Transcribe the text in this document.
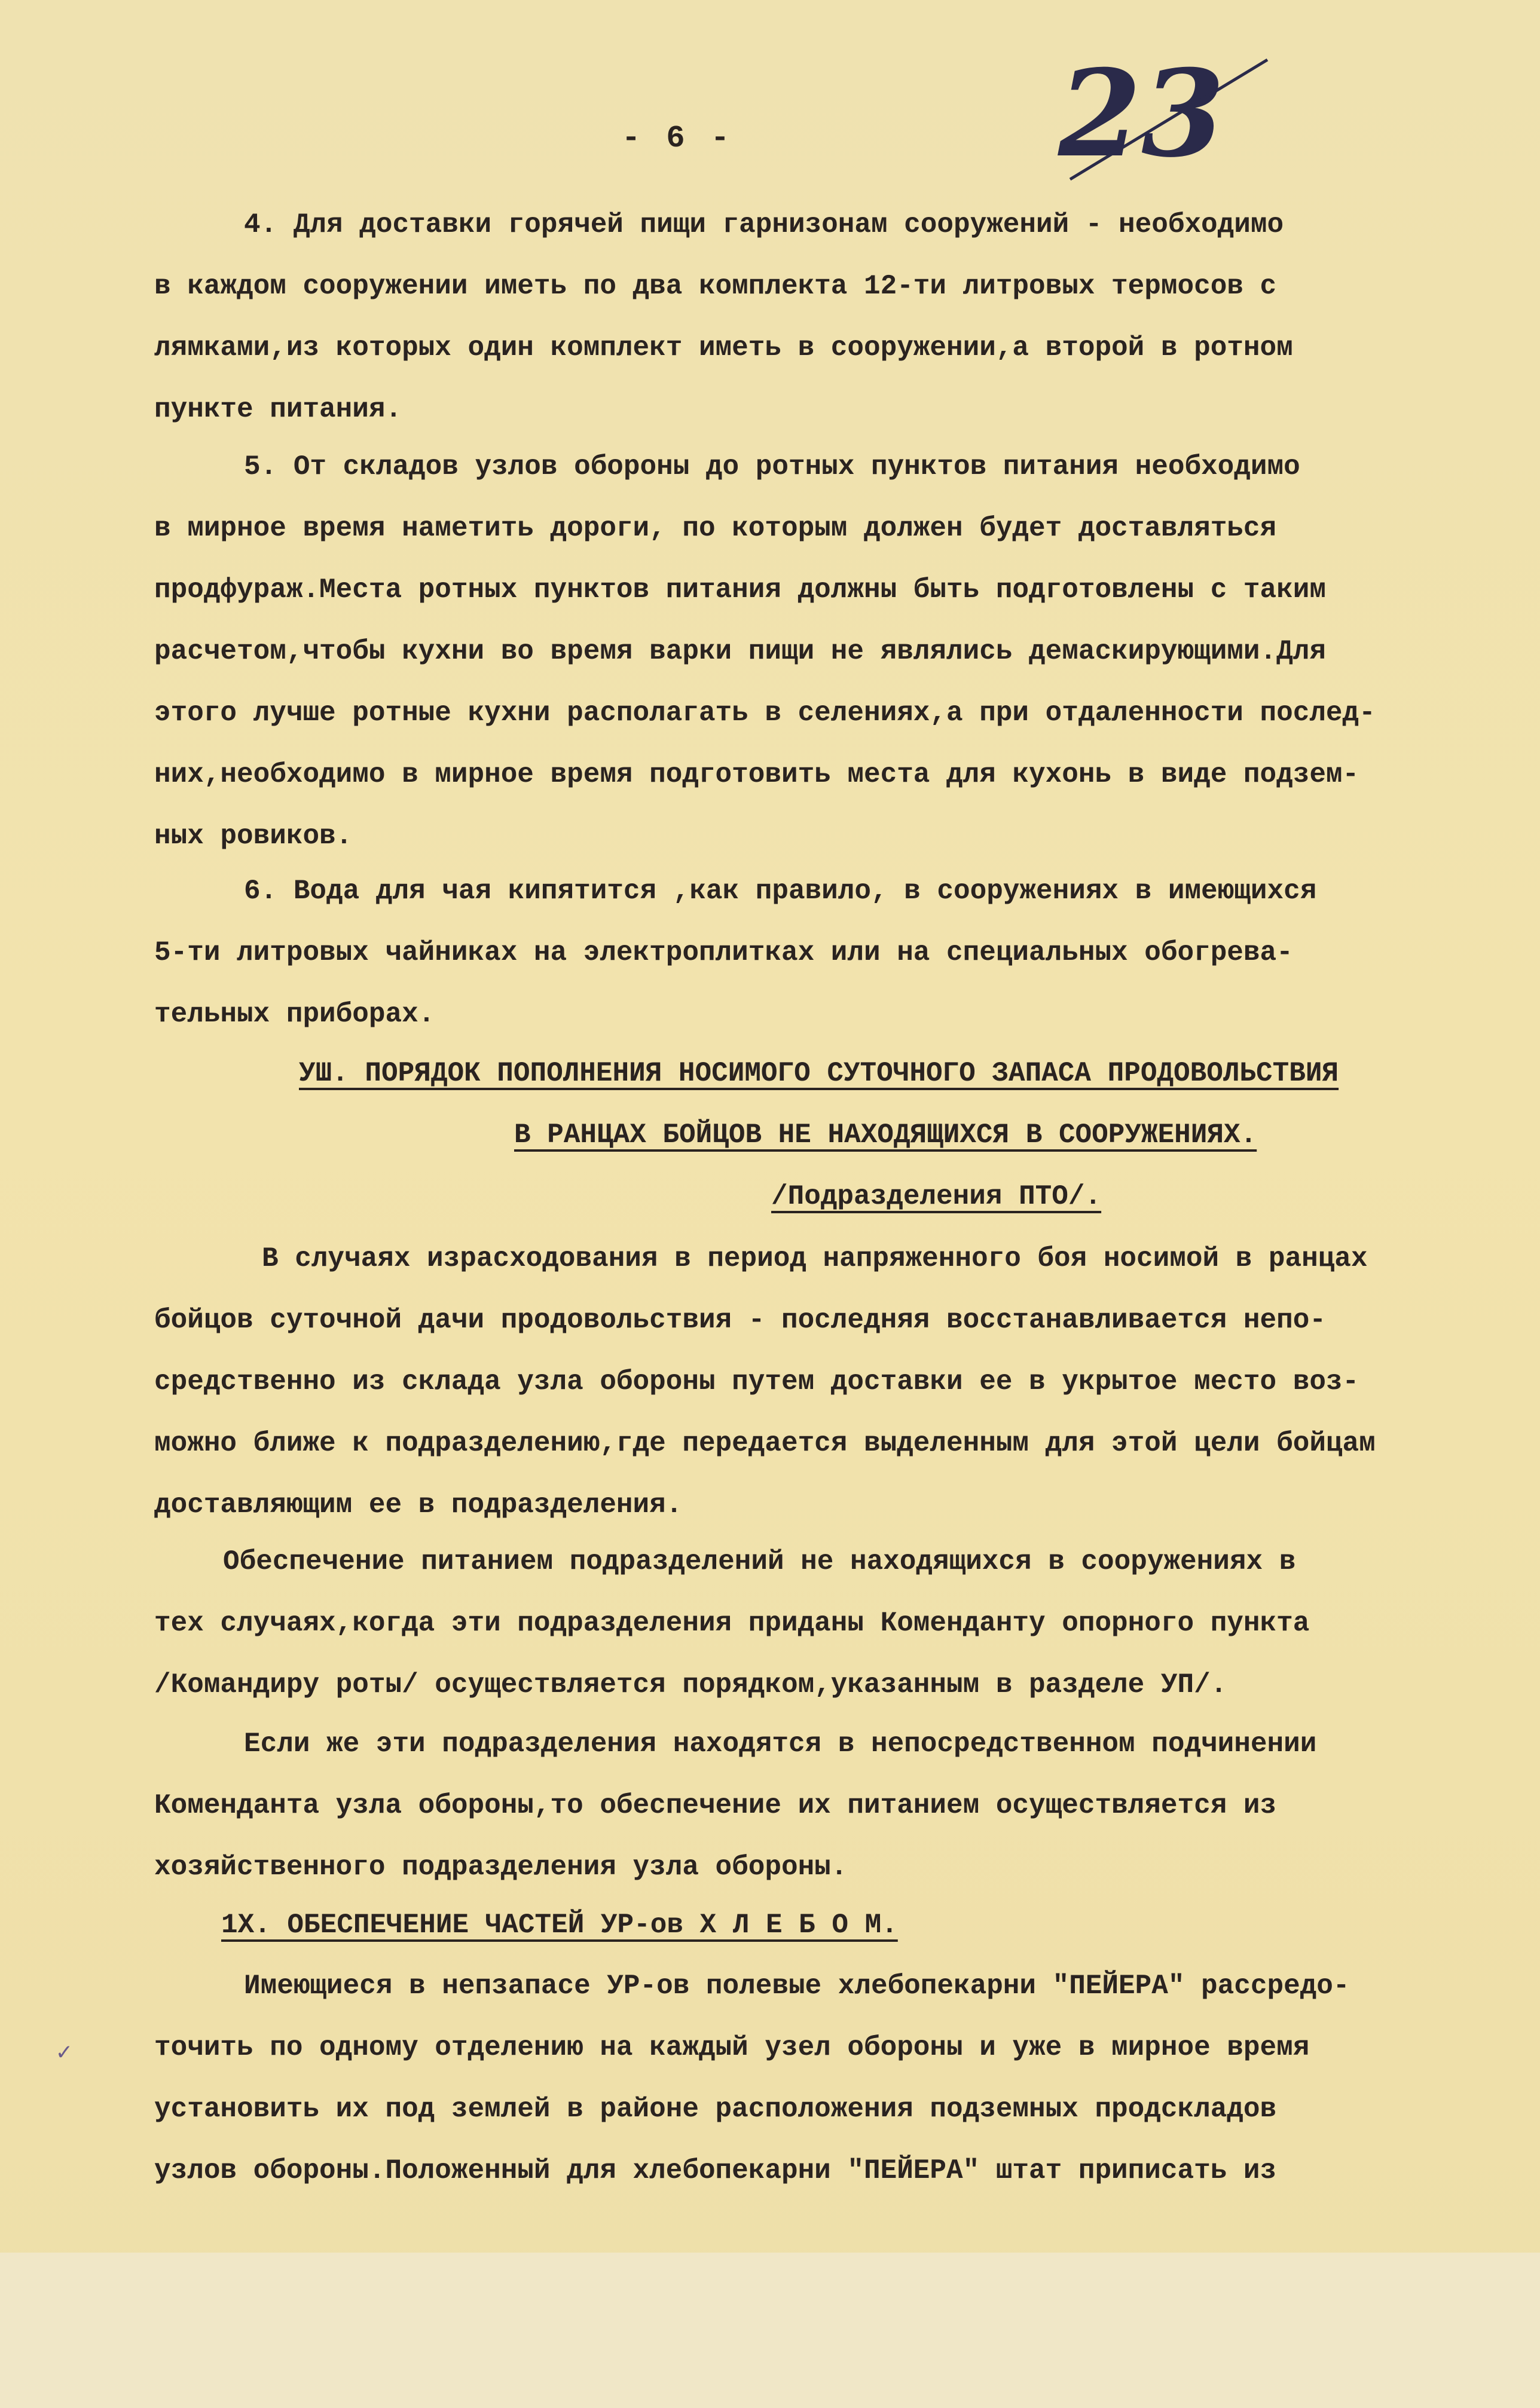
- 6 -	23
4. Для доставки горячей пищи гарнизонам сооружений - необходимо
в каждом сооружении иметь по два комплекта 12-ти литровых термосов с
лямками,из которых один комплект иметь в сооружении,а второй в ротном
пункте питания.
5. От складов узлов обороны до ротных пунктов питания необходимо
в мирное время наметить дороги, по которым должен будет доставляться
продфураж.Места ротных пунктов питания должны быть подготовлены с таким
расчетом,чтобы кухни во время варки пищи не являлись демаскирующими.Для
этого лучше ротные кухни располагать в селениях,а при отдаленности послед-
них,необходимо в мирное время подготовить места для кухонь в виде подзем-
ных ровиков.
6. Вода для чая кипятится ,как правило, в сооружениях в имеющихся
5-ти литровых чайниках на электроплитках или на специальных обогрева-
тельных приборах.
УШ. ПОРЯДОК ПОПОЛНЕНИЯ НОСИМОГО СУТОЧНОГО ЗАПАСА ПРОДОВОЛЬСТВИЯ
В РАНЦАХ БОЙЦОВ НЕ НАХОДЯЩИХСЯ В СООРУЖЕНИЯХ.
/Подразделения ПТО/.
В случаях израсходования в период напряженного боя носимой в ранцах
бойцов суточной дачи продовольствия - последняя восстанавливается непо-
средственно из склада узла обороны путем доставки ее в укрытое место воз-
можно ближе к подразделению,где передается выделенным для этой цели бойцам
доставляющим ее в подразделения.
Обеспечение питанием подразделений не находящихся в сооружениях в
тех случаях,когда эти подразделения приданы Коменданту опорного пункта
/Командиру роты/ осуществляется порядком,указанным в разделе УП/.
Если же эти подразделения находятся в непосредственном подчинении
Коменданта узла обороны,то обеспечение их питанием осуществляется из
хозяйственного подразделения узла обороны.
1Х. ОБЕСПЕЧЕНИЕ ЧАСТЕЙ УР-ов Х Л Е Б О М.
Имеющиеся в непзапасе УР-ов полевые хлебопекарни "ПЕЙЕРА" рассредо-
точить по одному отделению на каждый узел обороны и уже в мирное время
установить их под землей в районе расположения подземных продскладов
узлов обороны.Положенный для хлебопекарни "ПЕЙЕРА" штат приписать из
✓
